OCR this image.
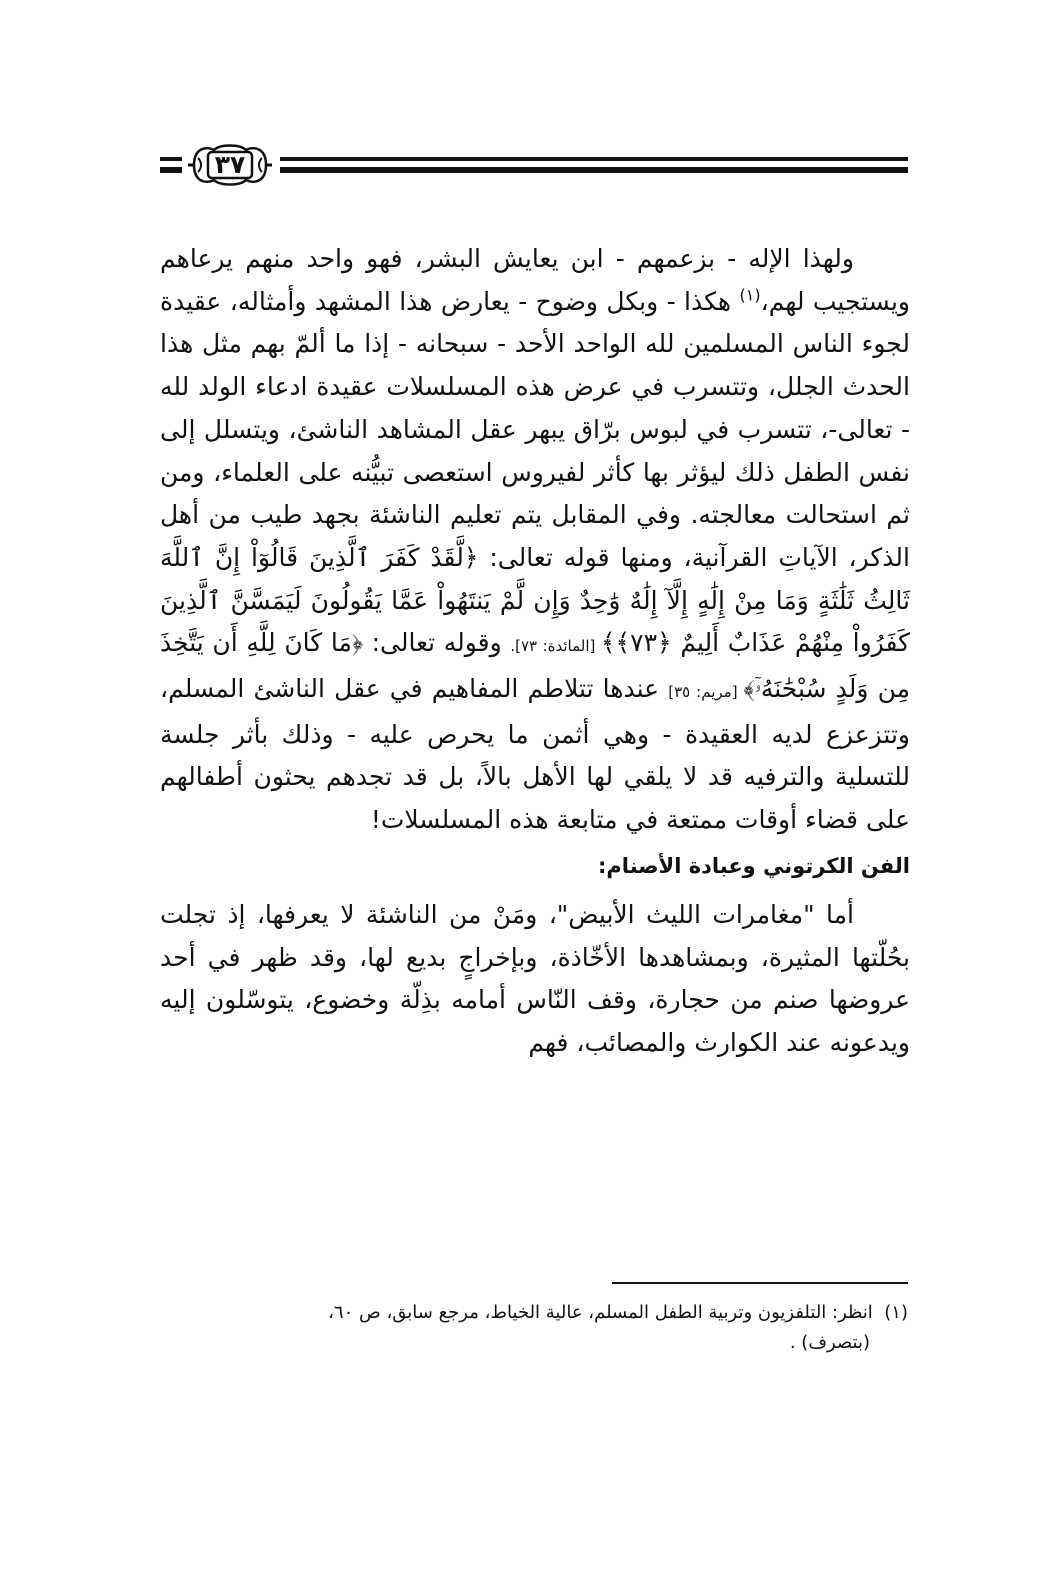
٣٧

ولهذا الإله - بزعمهم - ابن يعايش البشر، فهو واحد منهم يرعاهم ويستجيب لهم،$^{(١)}$ هكذا - وبكل وضوح - يعارض هذا المشهد وأمثاله، عقيدة لجوء الناس المسلمين لله الواحد الأحد - سبحانه - إذا ما ألمّ بهم مثل هذا الحدث الجلل، وتتسرب في عرض هذه المسلسلات عقيدة ادعاء الولد لله - تعالى-، تتسرب في لبوس برّاق يبهر عقل المشاهد الناشئ، ويتسلل إلى نفس الطفل ذلك ليؤثر بها كأثر لفيروس استعصى تبيُّنه على العلماء، ومن ثم استحالت معالجته. وفي المقابل يتم تعليم الناشئة بجهد طيب من أهل الذكر، الآياتِ القرآنية، ومنها قوله تعالى: ﴿لَّقَدْ كَفَرَ ٱلَّذِينَ قَالُوٓاْ إِنَّ ٱللَّهَ ثَالِثُ ثَلَٰثَةٍ وَمَا مِنْ إِلَٰهٍ إِلَّآ إِلَٰهٌ وَٰحِدٌ وَإِن لَّمْ يَنتَهُواْ عَمَّا يَقُولُونَ لَيَمَسَّنَّ ٱلَّذِينَ كَفَرُواْ مِنْهُمْ عَذَابٌ أَلِيمٌ ﴿٧٣﴾﴾ [المائدة: ٧٣]. وقوله تعالى: ﴿مَا كَانَ لِلَّهِ أَن يَتَّخِذَ مِن وَلَدٍ سُبْحَٰنَهُۥٓ﴾ [مريم: ٣٥] عندها تتلاطم المفاهيم في عقل الناشئ المسلم، وتتزعزع لديه العقيدة - وهي أثمن ما يحرص عليه - وذلك بأثر جلسة للتسلية والترفيه قد لا يلقي لها الأهل بالاً، بل قد تجدهم يحثون أطفالهم على قضاء أوقات ممتعة في متابعة هذه المسلسلات!

الفن الكرتوني وعبادة الأصنام:

أما "مغامرات الليث الأبيض"، ومَنْ من الناشئة لا يعرفها، إذ تجلت بحُلّتها المثيرة، وبمشاهدها الأخّاذة، وبإخراجٍ بديع لها، وقد ظهر في أحد عروضها صنم من حجارة، وقف النّاس أمامه بذِلّة وخضوع، يتوسّلون إليه ويدعونه عند الكوارث والمصائب، فهم

(١)  انظر: التلفزيون وتربية الطفل المسلم، عالية الخياط، مرجع سابق، ص ٦٠،
(بتصرف) .
